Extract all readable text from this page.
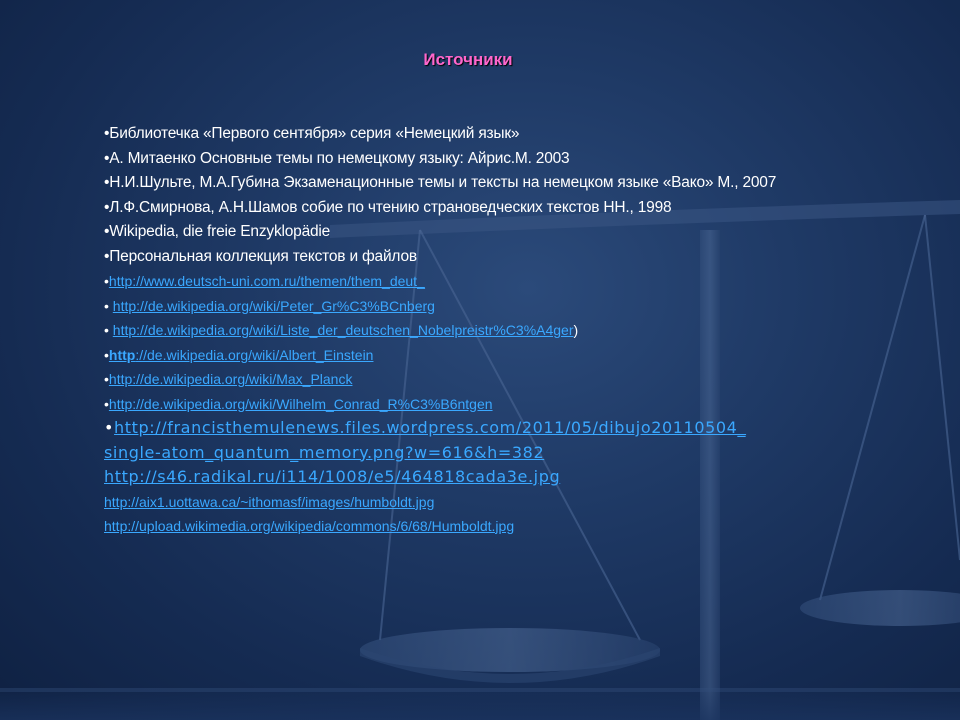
Источники
•Библиотечка «Первого сентября» серия «Немецкий язык»
•А. Митаенко Основные темы по немецкому языку: Айрис.М. 2003
•Н.И.Шульте, М.А.Губина Экзаменационные темы и тексты на немецком языке «Вако» М., 2007
•Л.Ф.Смирнова, А.Н.Шамов собие по чтению страноведческих текстов НН., 1998
•Wikipedia, die freie Enzyklopädie
•Персональная коллекция текстов и файлов
•http://www.deutsch-uni.com.ru/themen/them_deut_
• http://de.wikipedia.org/wiki/Peter_Gr%C3%BCnberg
• http://de.wikipedia.org/wiki/Liste_der_deutschen_Nobelpreistr%C3%A4ger)
•http://de.wikipedia.org/wiki/Albert_Einstein
•http://de.wikipedia.org/wiki/Max_Planck
•http://de.wikipedia.org/wiki/Wilhelm_Conrad_R%C3%B6ntgen
•http://francisthemulenews.files.wordpress.com/2011/05/dibujo20110504_
single-atom_quantum_memory.png?w=616&h=382
http://s46.radikal.ru/i114/1008/e5/464818cada3e.jpg
http://aix1.uottawa.ca/~ithomasf/images/humboldt.jpg
http://upload.wikimedia.org/wikipedia/commons/6/68/Humboldt.jpg
